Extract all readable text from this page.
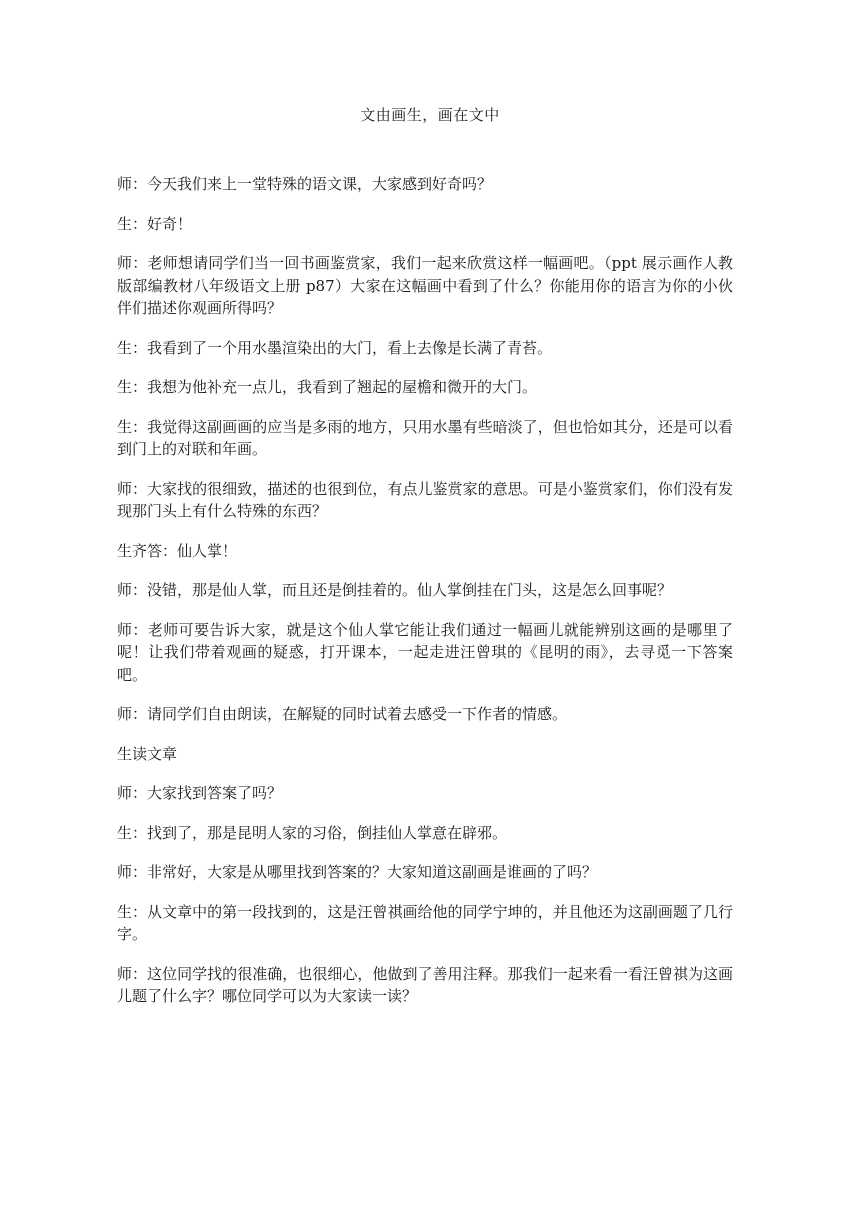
文由画生，画在文中

师：今天我们来上一堂特殊的语文课，大家感到好奇吗？

生：好奇！

师：老师想请同学们当一回书画鉴赏家，我们一起来欣赏这样一幅画吧。（ppt 展示画作人教版部编教材八年级语文上册 p87）大家在这幅画中看到了什么？你能用你的语言为你的小伙伴们描述你观画所得吗？

生：我看到了一个用水墨渲染出的大门，看上去像是长满了青苔。

生：我想为他补充一点儿，我看到了翘起的屋檐和微开的大门。

生：我觉得这副画画的应当是多雨的地方，只用水墨有些暗淡了，但也恰如其分，还是可以看到门上的对联和年画。

师：大家找的很细致，描述的也很到位，有点儿鉴赏家的意思。可是小鉴赏家们，你们没有发现那门头上有什么特殊的东西？

生齐答：仙人掌！

师：没错，那是仙人掌，而且还是倒挂着的。仙人掌倒挂在门头，这是怎么回事呢？

师：老师可要告诉大家，就是这个仙人掌它能让我们通过一幅画儿就能辨别这画的是哪里了呢！让我们带着观画的疑惑，打开课本，一起走进汪曾琪的《昆明的雨》，去寻觅一下答案吧。

师：请同学们自由朗读，在解疑的同时试着去感受一下作者的情感。

生读文章

师：大家找到答案了吗？

生：找到了，那是昆明人家的习俗，倒挂仙人掌意在辟邪。

师：非常好，大家是从哪里找到答案的？大家知道这副画是谁画的了吗？

生：从文章中的第一段找到的，这是汪曾祺画给他的同学宁坤的，并且他还为这副画题了几行字。

师：这位同学找的很准确，也很细心，他做到了善用注释。那我们一起来看一看汪曾祺为这画儿题了什么字？哪位同学可以为大家读一读？
